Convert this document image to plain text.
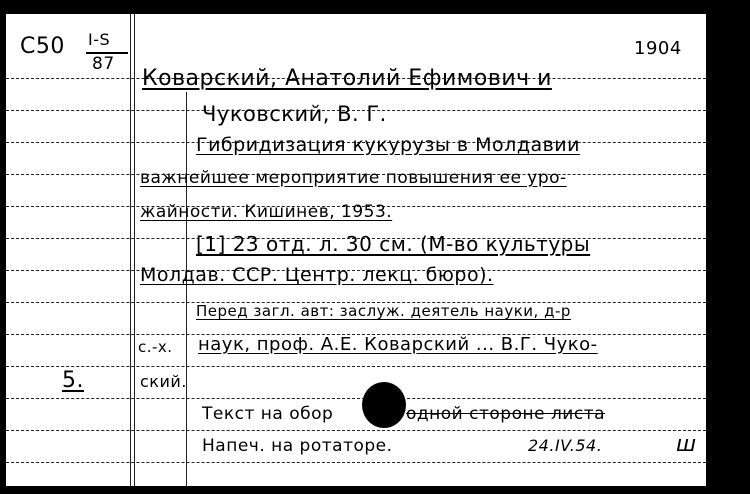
C50 I-S
87
1904
Коварский, Анатолий Ефимович и
Чуковский, В. Г.
Гибридизация кукурузы в Молдавии
важнейшее мероприятие повышения ее уро-
жайности. Кишинев, 1953.
[1] 23 отд. л. 30 см. (М-во культуры
Молдав. ССР. Центр. лекц. бюро).
Перед загл. авт: заслуж. деятель науки, д-р
с.-х. наук, проф. А.Е. Коварский ... В.Г. Чуко-
5.	ский.
Текст на обор	одной стороне листа
Напеч. на ротаторе.	24.IV.54.	ш
